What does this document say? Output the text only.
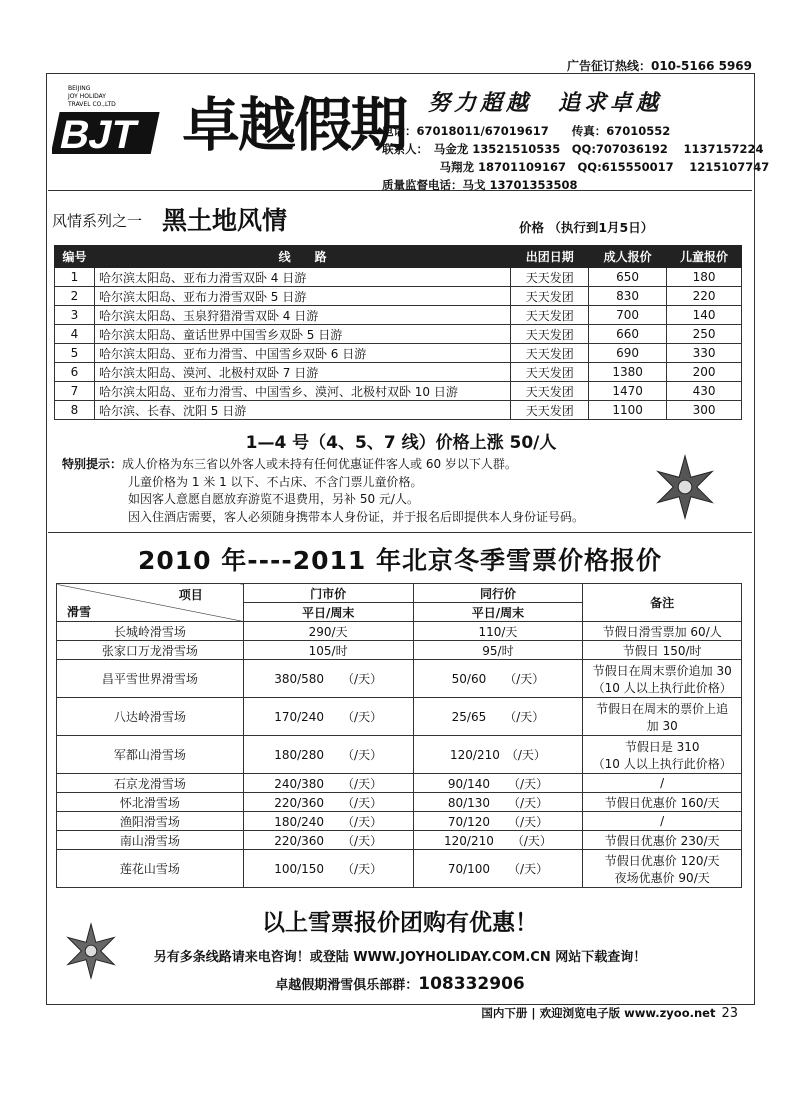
广告征订热线：010-5166 5969
BJT
BEIJING
JOY HOLIDAY
TRAVEL CO.,LTD 卓越假期 努力超越　追求卓越
电话：67018011/67019617　　传真：67010552
联系人：　马金龙 13521510535　QQ:707036192　 1137157224
　　　　　马翔龙 18701109167　QQ:615550017　 1215107747
质量监督电话：马戈 13701353508
风情系列之一 黑土地风情	价格 （执行到1月5日）
编号	线　　路	出团日期	成人报价	儿童报价
1	哈尔滨太阳岛、亚布力滑雪双卧 4 日游	天天发团	650	180
2	哈尔滨太阳岛、亚布力滑雪双卧 5 日游	天天发团	830	220
3	哈尔滨太阳岛、玉泉狩猎滑雪双卧 4 日游	天天发团	700	140
4	哈尔滨太阳岛、童话世界中国雪乡双卧 5 日游	天天发团	660	250
5	哈尔滨太阳岛、亚布力滑雪、中国雪乡双卧 6 日游	天天发团	690	330
6	哈尔滨太阳岛、漠河、北极村双卧 7 日游	天天发团	1380	200
7	哈尔滨太阳岛、亚布力滑雪、中国雪乡、漠河、北极村双卧 10 日游	天天发团	1470	430
8	哈尔滨、长春、沈阳 5 日游	天天发团	1100	300
1—4 号（4、5、7 线）价格上涨 50/人
特别提示：成人价格为东三省以外客人或未持有任何优惠证件客人或 60 岁以下人群。
儿童价格为 1 米 1 以下、不占床、不含门票儿童价格。
如因客人意愿自愿放弃游览不退费用，另补 50 元/人。
因入住酒店需要，客人必须随身携带本人身份证，并于报名后即提供本人身份证号码。
2010 年----2011 年北京冬季雪票价格报价
项目
滑雪	门市价	同行价	备注
	平日/周末	平日/周末	
长城岭滑雪场	290/天	110/天	节假日滑雪票加 60/人

张家口万龙滑雪场	105/时	95/时	节假日 150/时

昌平雪世界滑雪场	380/580　　（/天）	50/60　　（/天）	节假日在周末票价追加 30
（10 人以上执行此价格）

八达岭滑雪场	170/240　　（/天）	25/65　　（/天）	节假日在周末的票价上追
加 30

军都山滑雪场	180/280　　（/天）	120/210　（/天）	节假日是 310
（10 人以上执行此价格）

石京龙滑雪场	240/380　　（/天）	90/140　　（/天）	/

怀北滑雪场	220/360　　（/天）	80/130　　（/天）	节假日优惠价 160/天

渔阳滑雪场	180/240　　（/天）	70/120　　（/天）	/

南山滑雪场	220/360　　（/天）	120/210　　（/天）	节假日优惠价 230/天

莲花山雪场	100/150　　（/天）	70/100　　（/天）	节假日优惠价 120/天
夜场优惠价 90/天
以上雪票报价团购有优惠！
另有多条线路请来电咨询！或登陆 WWW.JOYHOLIDAY.COM.CN 网站下载查询！
卓越假期滑雪俱乐部群：108332906
国内下册 | 欢迎浏览电子版 www.zyoo.net 23
